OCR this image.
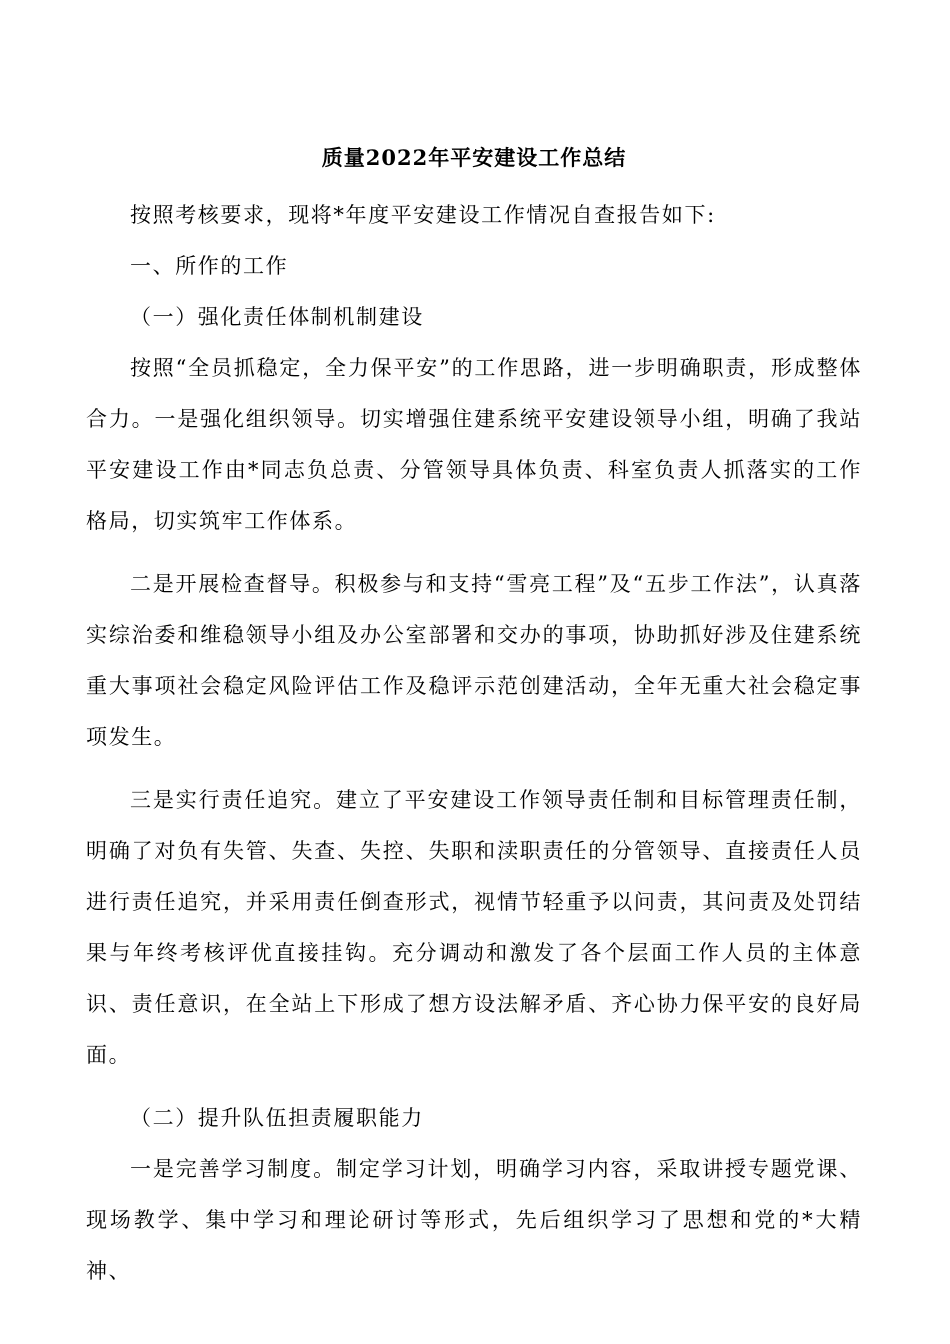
质量2022年平安建设工作总结

按照考核要求，现将*年度平安建设工作情况自查报告如下:

一、所作的工作

（一）强化责任体制机制建设

按照“全员抓稳定，全力保平安”的工作思路，进一步明确职责，形成整体合力。一是强化组织领导。切实增强住建系统平安建设领导小组，明确了我站平安建设工作由*同志负总责、分管领导具体负责、科室负责人抓落实的工作格局，切实筑牢工作体系。

二是开展检查督导。积极参与和支持“雪亮工程”及“五步工作法”，认真落实综治委和维稳领导小组及办公室部署和交办的事项，协助抓好涉及住建系统重大事项社会稳定风险评估工作及稳评示范创建活动，全年无重大社会稳定事项发生。

三是实行责任追究。建立了平安建设工作领导责任制和目标管理责任制，明确了对负有失管、失查、失控、失职和渎职责任的分管领导、直接责任人员进行责任追究，并采用责任倒查形式，视情节轻重予以问责，其问责及处罚结果与年终考核评优直接挂钩。充分调动和激发了各个层面工作人员的主体意识、责任意识，在全站上下形成了想方设法解矛盾、齐心协力保平安的良好局面。

（二）提升队伍担责履职能力

一是完善学习制度。制定学习计划，明确学习内容，采取讲授专题党课、现场教学、集中学习和理论研讨等形式，先后组织学习了思想和党的*大精神、
